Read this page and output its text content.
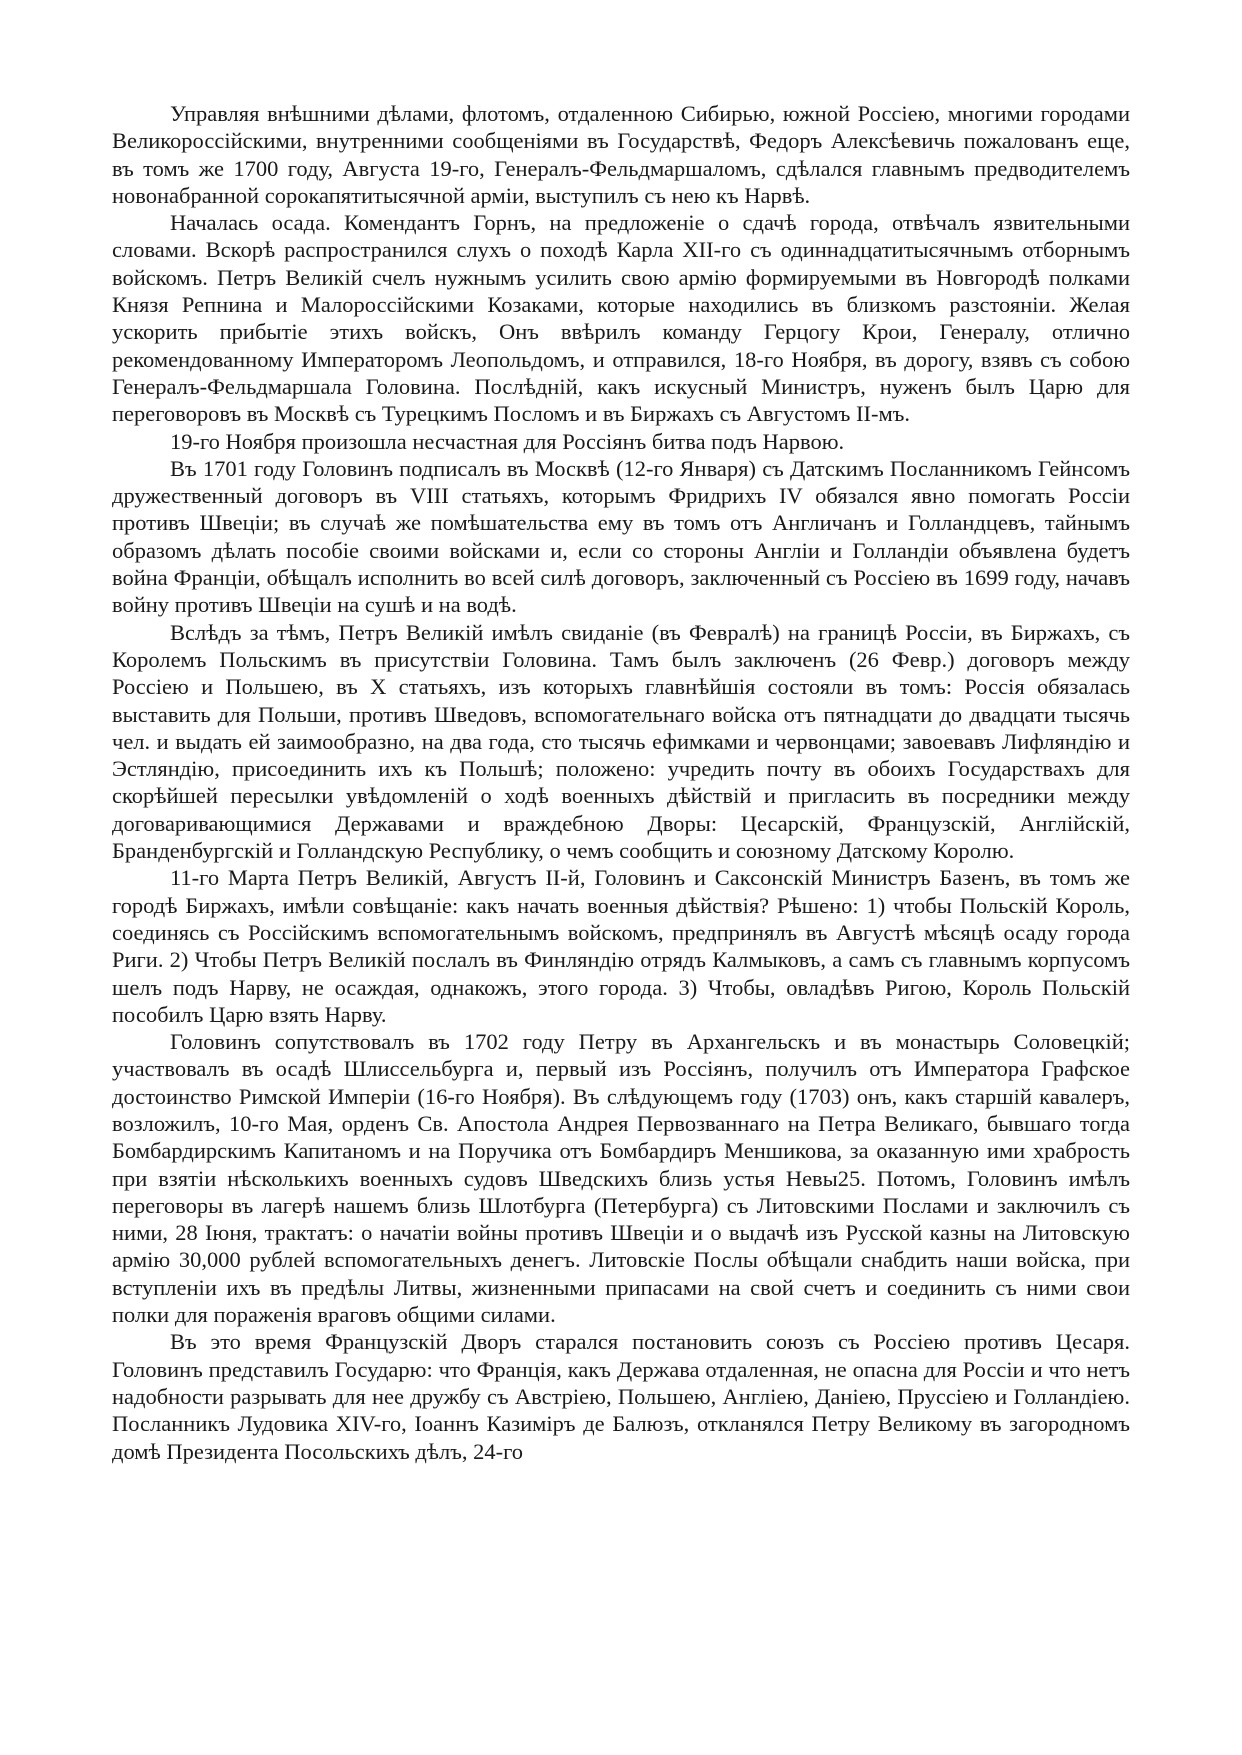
Управляя внѣшними дѣлами, флотомъ, отдаленною Сибирью, южной Россiею, многими городами Великороссiйскими, внутренними сообщенiями въ Государствѣ, Федоръ Алексѣевичь пожалованъ еще, въ томъ же 1700 году, Августа 19-го, Генералъ-Фельдмаршаломъ, сдѣлался главнымъ предводителемъ новонабранной сорокапятитысячной армiи, выступилъ съ нею къ Нарвѣ.

Началась осада. Комендантъ Горнъ, на предложенiе о сдачѣ города, отвѣчалъ язвительными словами. Вскорѣ распространился слухъ о походѣ Карла XII-го съ одиннадцатитысячнымъ отборнымъ войскомъ. Петръ Великiй счелъ нужнымъ усилить свою армiю формируемыми въ Новгородѣ полками Князя Репнина и Малороссiйскими Козаками, которые находились въ близкомъ разстоянiи. Желая ускорить прибытiе этихъ войскъ, Онъ ввѣрилъ команду Герцогу Крои, Генералу, отлично рекомендованному Императоромъ Леопольдомъ, и отправился, 18-го Ноября, въ дорогу, взявъ съ собою Генералъ-Фельдмаршала Головина. Послѣднiй, какъ искусный Министръ, нуженъ былъ Царю для переговоровъ въ Москвѣ съ Турецкимъ Посломъ и въ Биржахъ съ Августомъ II-мъ.

19-го Ноября произошла несчастная для Россiянъ битва подъ Нарвою.

Въ 1701 году Головинъ подписалъ въ Москвѣ (12-го Января) съ Датскимъ Посланникомъ Гейнсомъ дружественный договоръ въ VIII статьяхъ, которымъ Фридрихъ IV обязался явно помогать Россiи противъ Швецiи; въ случаѣ же помѣшательства ему въ томъ отъ Англичанъ и Голландцевъ, тайнымъ образомъ дѣлать пособiе своими войсками и, если со стороны Англiи и Голландiи объявлена будетъ война Францiи, обѣщалъ исполнить во всей силѣ договоръ, заключенный съ Россiею въ 1699 году, начавъ войну противъ Швецiи на сушѣ и на водѣ.

Вслѣдъ за тѣмъ, Петръ Великiй имѣлъ свиданiе (въ Февралѣ) на границѣ Россiи, въ Биржахъ, съ Королемъ Польскимъ въ присутствiи Головина. Тамъ былъ заключенъ (26 Февр.) договоръ между Россiею и Польшею, въ X статьяхъ, изъ которыхъ главнѣйшiя состояли въ томъ: Россiя обязалась выставить для Польши, противъ Шведовъ, вспомогательнаго войска отъ пятнадцати до двадцати тысячь чел. и выдать ей заимообразно, на два года, сто тысячь ефимками и червонцами; завоевавъ Лифляндiю и Эстляндiю, присоединить ихъ къ Польшѣ; положено: учредить почту въ обоихъ Государствахъ для скорѣйшей пересылки увѣдомленiй о ходѣ военныхъ дѣйствiй и пригласить въ посредники между договаривающимися Державами и враждебною Дворы: Цесарскiй, Французскiй, Англiйскiй, Бранденбургскiй и Голландскую Республику, о чемъ сообщить и союзному Датскому Королю.

11-го Марта Петръ Великiй, Августъ II-й, Головинъ и Саксонскiй Министръ Базенъ, въ томъ же городѣ Биржахъ, имѣли совѣщанiе: какъ начать военныя дѣйствiя? Рѣшено: 1) чтобы Польскiй Король, соединясь съ Россiйскимъ вспомогательнымъ войскомъ, предпринялъ въ Августѣ мѣсяцѣ осаду города Риги. 2) Чтобы Петръ Великiй послалъ въ Финляндiю отрядъ Калмыковъ, а самъ съ главнымъ корпусомъ шелъ подъ Нарву, не осаждая, однакожъ, этого города. 3) Чтобы, овладѣвъ Ригою, Король Польскiй пособилъ Царю взять Нарву.

Головинъ сопутствовалъ въ 1702 году Петру въ Архангельскъ и въ монастырь Соловецкiй; участвовалъ въ осадѣ Шлиссельбурга и, первый изъ Россiянъ, получилъ отъ Императора Графское достоинство Римской Имперiи (16-го Ноября). Въ слѣдующемъ году (1703) онъ, какъ старшiй кавалеръ, возложилъ, 10-го Мая, орденъ Св. Апостола Андрея Первозваннаго на Петра Великаго, бывшаго тогда Бомбардирскимъ Капитаномъ и на Поручика отъ Бомбардиръ Меншикова, за оказанную ими храбрость при взятiи нѣсколькихъ военныхъ судовъ Шведскихъ близь устья Невы25. Потомъ, Головинъ имѣлъ переговоры въ лагерѣ нашемъ близь Шлотбурга (Петербурга) съ Литовскими Послами и заключилъ съ ними, 28 Iюня, трактатъ: о начатiи войны противъ Швецiи и о выдачѣ изъ Русской казны на Литовскую армiю 30,000 рублей вспомогательныхъ денегъ. Литовскiе Послы обѣщали снабдить наши войска, при вступленiи ихъ въ предѣлы Литвы, жизненными припасами на свой счетъ и соединить съ ними свои полки для пораженiя враговъ общими силами.

Въ это время Французскiй Дворъ старался постановить союзъ съ Россiею противъ Цесаря. Головинъ представилъ Государю: что Францiя, какъ Держава отдаленная, не опасна для Россiи и что нетъ надобности разрывать для нее дружбу съ Австрiею, Польшею, Англiею, Данiею, Пруссiею и Голландiею. Посланникъ Лудовика XIV-го, Iоаннъ Казимiръ де Балюзъ, откланялся Петру Великому въ загородномъ домѣ Президента Посольскихъ дѣлъ, 24-го
